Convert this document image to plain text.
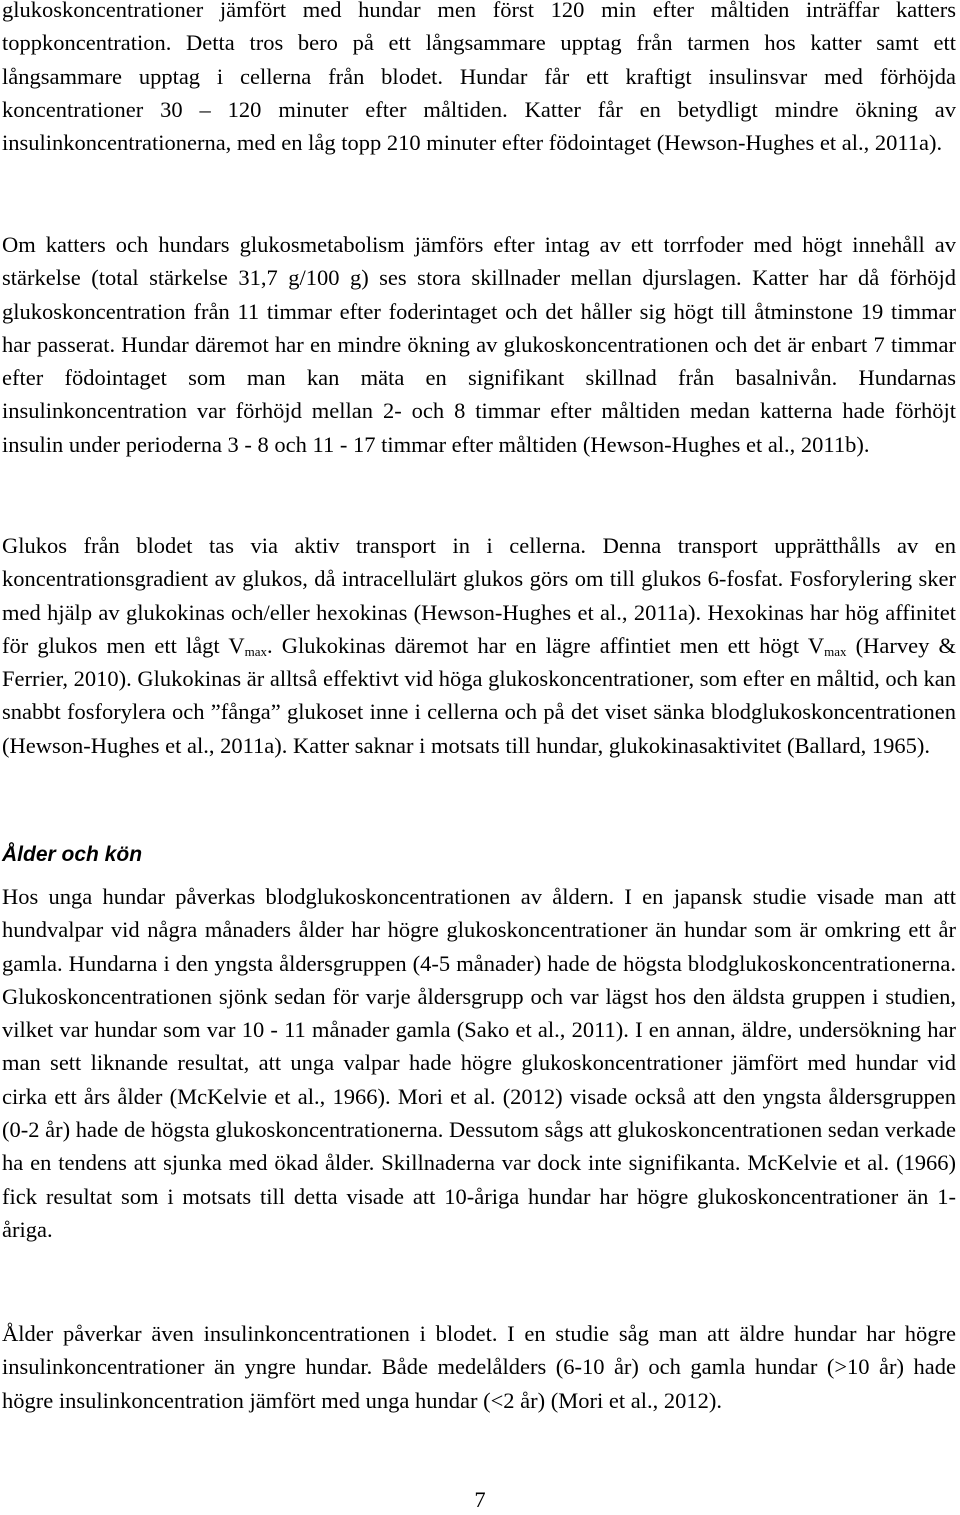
glukoskoncentrationer jämfört med hundar men först 120 min efter måltiden inträffar katters toppkoncentration. Detta tros bero på ett långsammare upptag från tarmen hos katter samt ett långsammare upptag i cellerna från blodet. Hundar får ett kraftigt insulinsvar med förhöjda koncentrationer 30 – 120 minuter efter måltiden. Katter får en betydligt mindre ökning av insulinkoncentrationerna, med en låg topp 210 minuter efter födointaget (Hewson-Hughes et al., 2011a).

Om katters och hundars glukosmetabolism jämförs efter intag av ett torrfoder med högt innehåll av stärkelse (total stärkelse 31,7 g/100 g) ses stora skillnader mellan djurslagen. Katter har då förhöjd glukoskoncentration från 11 timmar efter foderintaget och det håller sig högt till åtminstone 19 timmar har passerat. Hundar däremot har en mindre ökning av glukoskoncentrationen och det är enbart 7 timmar efter födointaget som man kan mäta en signifikant skillnad från basalnivån. Hundarnas insulinkoncentration var förhöjd mellan 2- och 8 timmar efter måltiden medan katterna hade förhöjt insulin under perioderna 3 - 8 och 11 - 17 timmar efter måltiden (Hewson-Hughes et al., 2011b).

Glukos från blodet tas via aktiv transport in i cellerna. Denna transport upprätthålls av en koncentrationsgradient av glukos, då intracellulärt glukos görs om till glukos 6-fosfat. Fosforylering sker med hjälp av glukokinas och/eller hexokinas (Hewson-Hughes et al., 2011a). Hexokinas har hög affinitet för glukos men ett lågt $V_{max}$. Glukokinas däremot har en lägre affintiet men ett högt $V_{max}$ (Harvey & Ferrier, 2010). Glukokinas är alltså effektivt vid höga glukoskoncentrationer, som efter en måltid, och kan snabbt fosforylera och ”fånga” glukoset inne i cellerna och på det viset sänka blodglukoskoncentrationen (Hewson-Hughes et al., 2011a). Katter saknar i motsats till hundar, glukokinasaktivitet (Ballard, 1965).

Ålder och kön

Hos unga hundar påverkas blodglukoskoncentrationen av åldern. I en japansk studie visade man att hundvalpar vid några månaders ålder har högre glukoskoncentrationer än hundar som är omkring ett år gamla. Hundarna i den yngsta åldersgruppen (4-5 månader) hade de högsta blodglukoskoncentrationerna. Glukoskoncentrationen sjönk sedan för varje åldersgrupp och var lägst hos den äldsta gruppen i studien, vilket var hundar som var 10 - 11 månader gamla (Sako et al., 2011). I en annan, äldre, undersökning har man sett liknande resultat, att unga valpar hade högre glukoskoncentrationer jämfört med hundar vid cirka ett års ålder (McKelvie et al., 1966). Mori et al. (2012) visade också att den yngsta åldersgruppen (0-2 år) hade de högsta glukoskoncentrationerna. Dessutom sågs att glukoskoncentrationen sedan verkade ha en tendens att sjunka med ökad ålder. Skillnaderna var dock inte signifikanta. McKelvie et al. (1966) fick resultat som i motsats till detta visade att 10-åriga hundar har högre glukoskoncentrationer än 1-åriga.

Ålder påverkar även insulinkoncentrationen i blodet. I en studie såg man att äldre hundar har högre insulinkoncentrationer än yngre hundar. Både medelålders (6-10 år) och gamla hundar (>10 år) hade högre insulinkoncentration jämfört med unga hundar (<2 år) (Mori et al., 2012).

7
